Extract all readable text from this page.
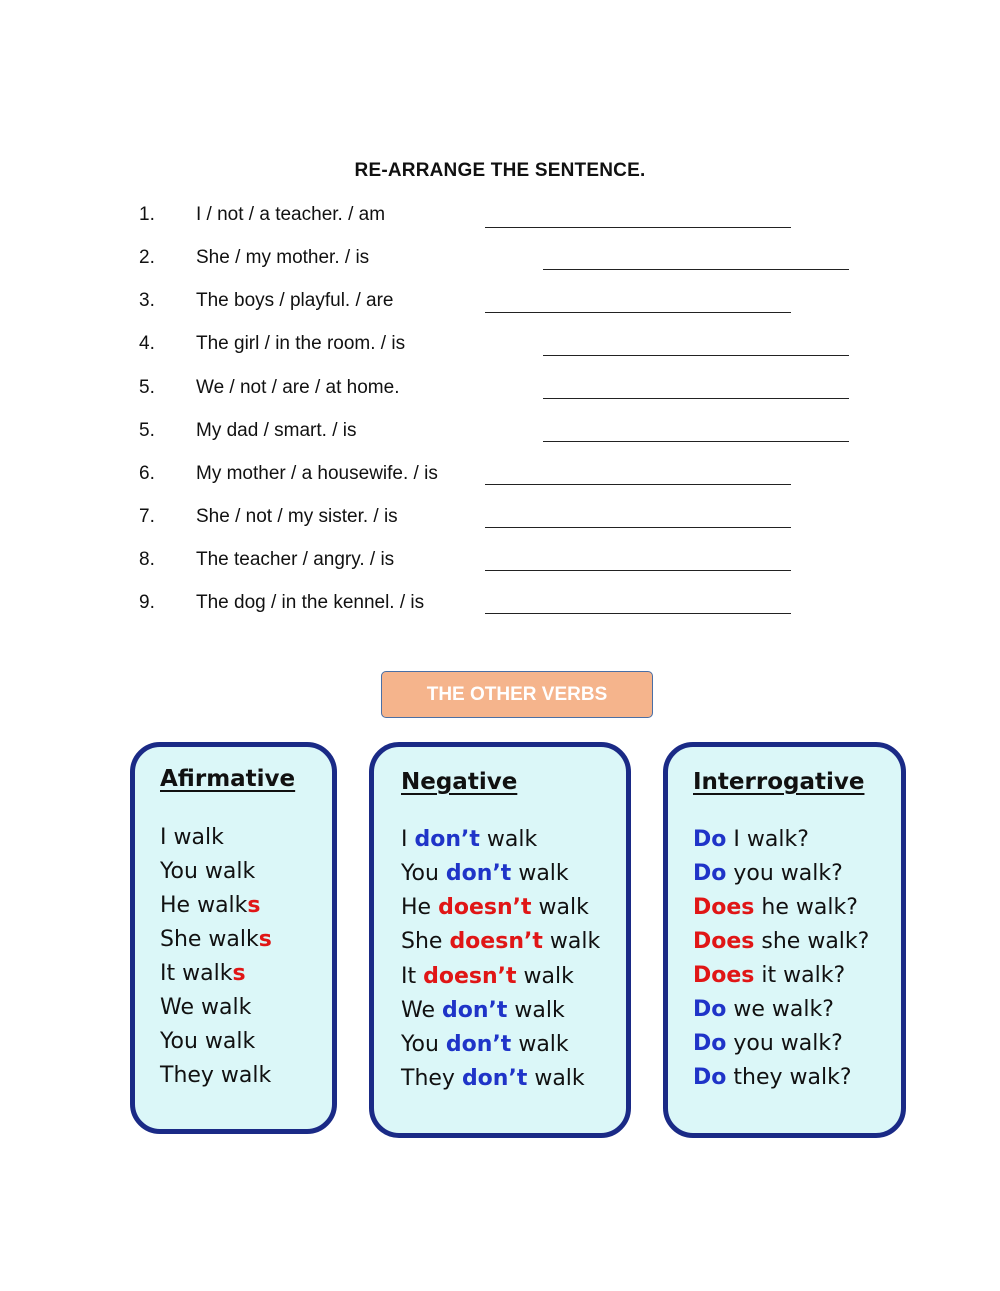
RE-ARRANGE THE SENTENCE.
1. I / not / a teacher. / am
2. She / my mother. / is
3. The boys / playful. / are
4. The girl / in the room. / is
5. We / not / are / at home.
5. My dad / smart. / is
6. My mother / a housewife. / is
7. She / not / my sister. / is
8. The teacher / angry. / is
9. The dog / in the kennel. / is
THE OTHER VERBS
Afirmative
I walk
You walk
He walks
She walks
It walks
We walk
You walk
They walk
Negative
I don’t walk
You don’t walk
He doesn’t walk
She doesn’t walk
It doesn’t walk
We don’t walk
You don’t walk
They don’t walk
Interrogative
Do I walk?
Do you walk?
Does he walk?
Does she walk?
Does it walk?
Do we walk?
Do you walk?
Do they walk?
